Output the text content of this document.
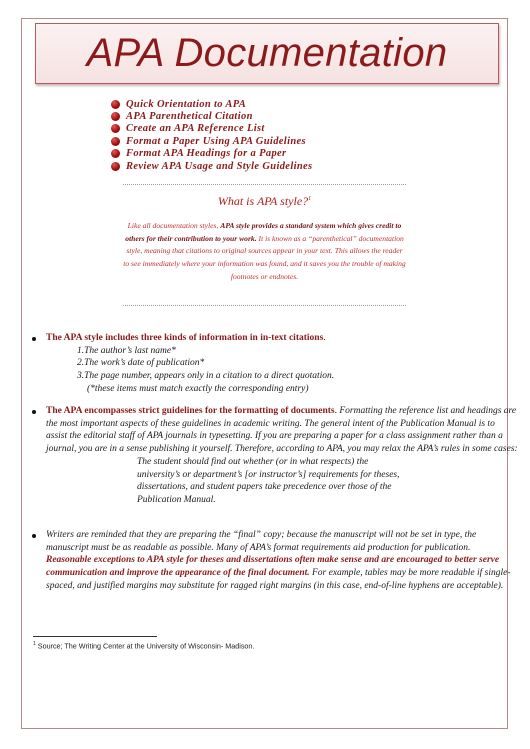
APA Documentation
Quick Orientation to APA
APA Parenthetical Citation
Create an APA Reference List
Format a Paper Using APA Guidelines
Format APA Headings for a Paper
Review APA Usage and Style Guidelines
What is APA style?$^1$
Like all documentation styles, APA style provides a standard system which gives credit to others for their contribution to your work. It is known as a “parenthetical” documentation style, meaning that citations to original sources appear in your text. This allows the reader to see immediately where your information was found, and it saves you the trouble of making footnotes or endnotes.
The APA style includes three kinds of information in in-text citations.
1.The author’s last name*
2.The work’s date of publication*
3.The page number, appears only in a citation to a direct quotation.
(*these items must match exactly the corresponding entry)
The APA encompasses strict guidelines for the formatting of documents. Formatting the reference list and headings are the most important aspects of these guidelines in academic writing. The general intent of the Publication Manual is to assist the editorial staff of APA journals in typesetting. If you are preparing a paper for a class assignment rather than a journal, you are in a sense publishing it yourself. Therefore, according to APA, you may relax the APA’s rules in some cases:
The student should find out whether (or in what respects) the university’s or department’s [or instructor’s] requirements for theses, dissertations, and student papers take precedence over those of the Publication Manual.
Writers are reminded that they are preparing the “final” copy; because the manuscript will not be set in type, the manuscript must be as readable as possible. Many of APA’s format requirements aid production for publication. Reasonable exceptions to APA style for theses and dissertations often make sense and are encouraged to better serve communication and improve the appearance of the final document. For example, tables may be more readable if single- spaced, and justified margins may substitute for ragged right margins (in this case, end-of-line hyphens are acceptable).
$^1$ Source; The Writing Center at the University of Wisconsin- Madison.
